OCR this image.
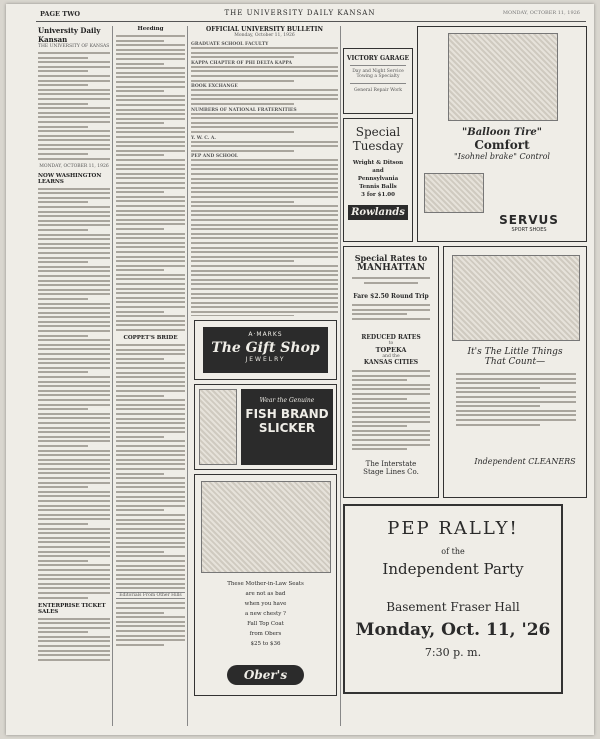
PAGE TWO	THE UNIVERSITY DAILY KANSAN	MONDAY, OCTOBER 11, 1926
University Daily Kansan
THE UNIVERSITY OF KANSAS
MONDAY, OCTOBER 11, 1926
NOW WASHINGTON LEARNS
ENTERPRISE TICKET SALES
Heeding
COPPET'S BRIDE
Editorials From Other Hills
OFFICIAL UNIVERSITY BULLETIN
Monday, October 11, 1926
GRADUATE SCHOOL FACULTY
KAPPA CHAPTER OF PHI DELTA KAPPA
BOOK EXCHANGE
NUMBERS OF NATIONAL FRATERNITIES
Y. W. C. A.
PEP AND SCHOOL
A·MARKS
The Gift Shop
JEWELRY
Wear the Genuine
FISH BRAND
SLICKER
These Mother-in-Law Seats
are not as bad
when you have
a new chesty ?
Fall Top Coat
from Obers
$25 to $36
Ober's
VICTORY GARAGE
Day and Night Service
Towing a Specialty
General Repair Work
Special
Tuesday
Wright & Ditson
and
Pennsylvania
Tennis Balls
3 for $1.00
Rowlands
"Balloon Tire"
Comfort
"Isohnel brake" Control
SERVUS
SPORT SHOES
Special Rates to
MANHATTAN
Fare $2.50 Round Trip
REDUCED RATES
to
TOPEKA
and the
KANSAS CITIES
The Interstate
Stage Lines Co.
It's The Little Things
That Count—
Independent CLEANERS
PEP RALLY!
of the
Independent Party
Basement Fraser Hall
Monday, Oct. 11, '26
7:30 p. m.
